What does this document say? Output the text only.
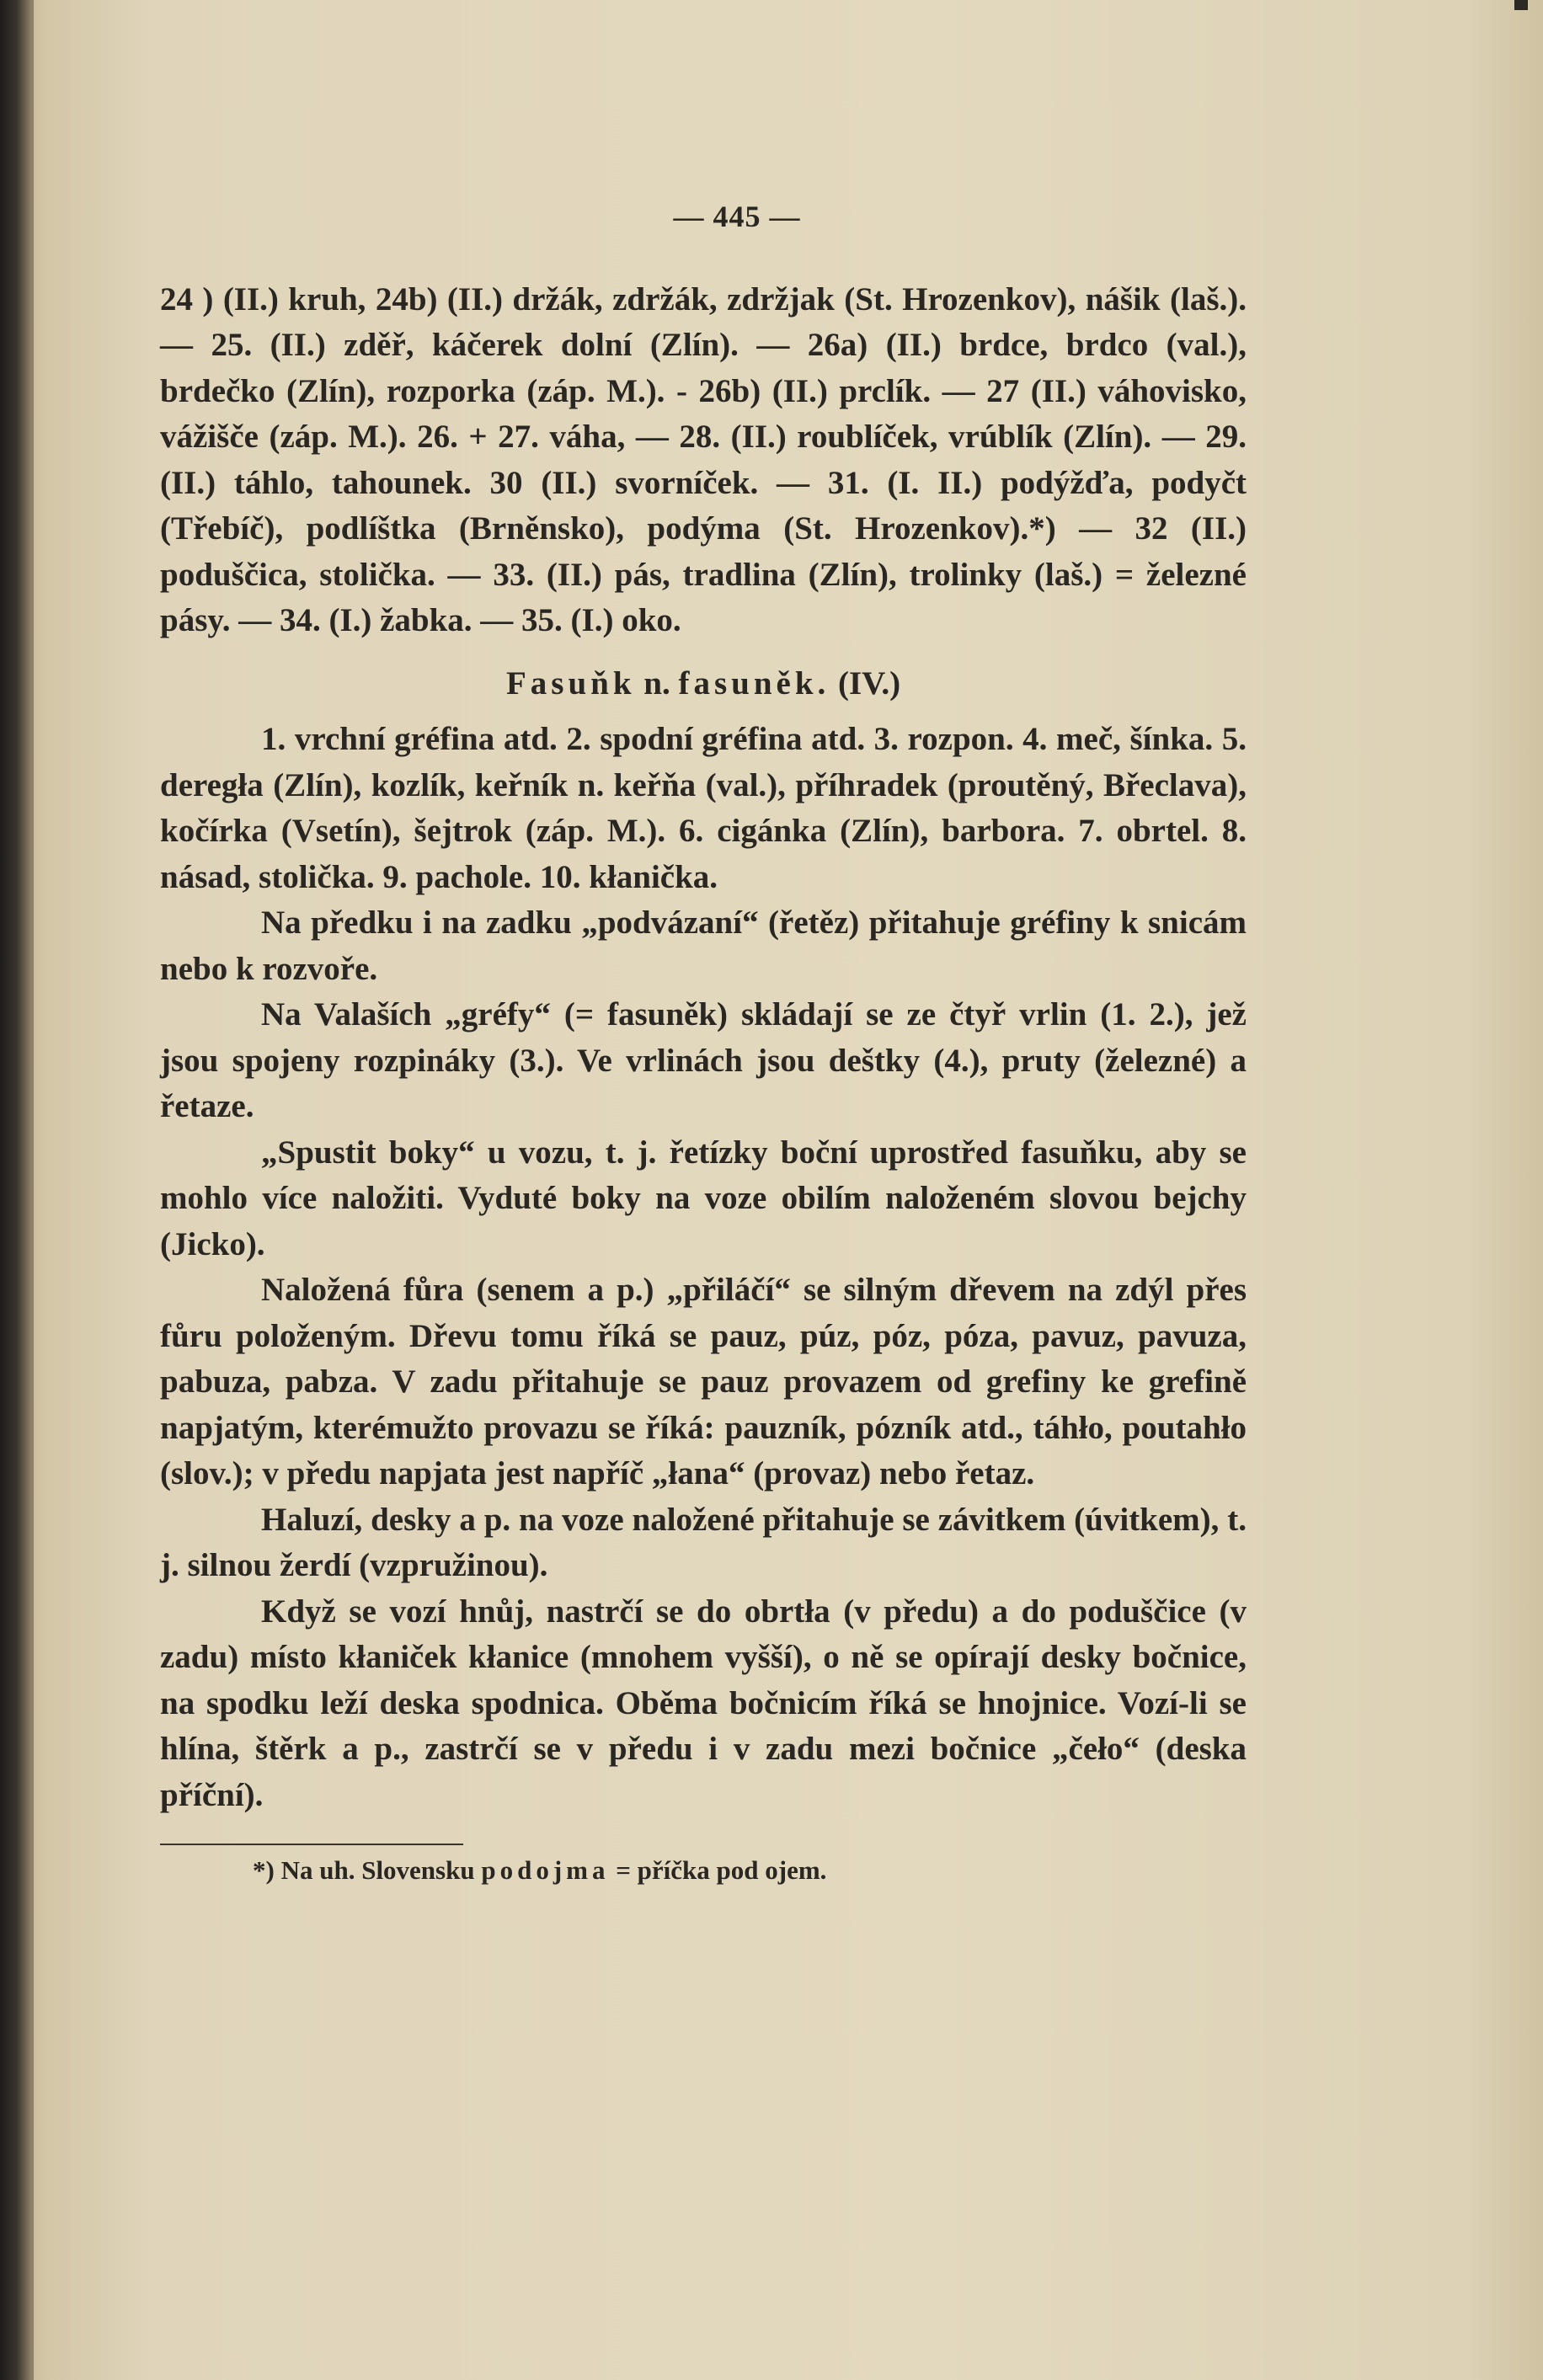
— 445 —

24 ) (II.) kruh, 24b) (II.) držák, zdržák, zdržjak (St. Hrozenkov), nášik (laš.). — 25. (II.) zděř, káčerek dolní (Zlín). — 26a) (II.) brdce, brdco (val.), brdečko (Zlín), rozporka (záp. M.). - 26b) (II.) prclík. — 27 (II.) váhovisko, vážišče (záp. M.). 26. + 27. váha, — 28. (II.) roublíček, vrúblík (Zlín). — 29. (II.) táhlo, tahounek. 30 (II.) svorníček. — 31. (I. II.) podýžďa, podyčt (Třebíč), podlíštka (Brněnsko), podýma (St. Hrozenkov).*) — 32 (II.) poduščica, stolička. — 33. (II.) pás, tradlina (Zlín), trolinky (laš.) = železné pásy. — 34. (I.) žabka. — 35. (I.) oko.

Fasuňk n. fasuněk. (IV.)

1. vrchní gréfina atd. 2. spodní gréfina atd. 3. rozpon. 4. meč, šínka. 5. deregła (Zlín), kozlík, keřník n. keřňa (val.), příhradek (proutěný, Břeclava), kočírka (Vsetín), šejtrok (záp. M.). 6. cigánka (Zlín), barbora. 7. obrtel. 8. násad, stolička. 9. pachole. 10. kłanička.

Na předku i na zadku „podvázaní“ (řetěz) přitahuje gréfiny k snicám nebo k rozvoře.

Na Valaších „gréfy“ (= fasuněk) skládají se ze čtyř vrlin (1. 2.), jež jsou spojeny rozpináky (3.). Ve vrlinách jsou deštky (4.), pruty (železné) a řetaze.

„Spustit boky“ u vozu, t. j. řetízky boční uprostřed fasuňku, aby se mohlo více naložiti. Vyduté boky na voze obilím naloženém slovou bejchy (Jicko).

Naložená fůra (senem a p.) „přiláčí“ se silným dřevem na zdýl přes fůru položeným. Dřevu tomu říká se pauz, púz, póz, póza, pavuz, pavuza, pabuza, pabza. V zadu přitahuje se pauz provazem od grefiny ke grefině napjatým, kterémužto provazu se říká: pauzník, pózník atd., táhło, poutahło (slov.); v předu napjata jest napříč „łana“ (provaz) nebo řetaz.

Haluzí, desky a p. na voze naložené přitahuje se závitkem (úvitkem), t. j. silnou žerdí (vzpružinou).

Když se vozí hnůj, nastrčí se do obrtła (v předu) a do poduščice (v zadu) místo kłaniček kłanice (mnohem vyšší), o ně se opírají desky bočnice, na spodku leží deska spodnica. Oběma bočnicím říká se hnojnice. Vozí-li se hlína, štěrk a p., zastrčí se v předu i v zadu mezi bočnice „čeło“ (deska příční).

*) Na uh. Slovensku podojma = příčka pod ojem.
